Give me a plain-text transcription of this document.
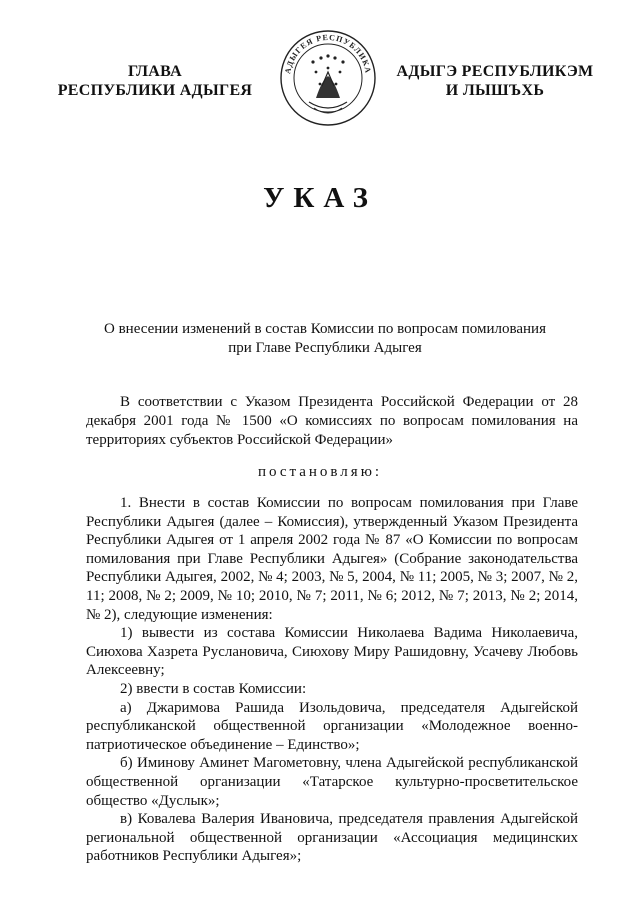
ГЛАВА
РЕСПУБЛИКИ АДЫГЕЯ
АДЫГЕЯ РЕСПУБЛИКА	АДЫГЭ РЕСПУБЛИКЭМ
И ЛЫШЪХЬ
УКАЗ
О внесении изменений в состав Комиссии по вопросам помилования
при Главе Республики Адыгея

В соответствии с Указом Президента Российской Федерации от 28 декабря 2001 года № 1500 «О комиссиях по вопросам помилования на территориях субъектов Российской Федерации»

постановляю:

1. Внести в состав Комиссии по вопросам помилования при Главе Республики Адыгея (далее – Комиссия), утвержденный Указом Президента Республики Адыгея от 1 апреля 2002 года № 87 «О Комиссии по вопросам помилования при Главе Республики Адыгея» (Собрание законодательства Республики Адыгея, 2002, № 4; 2003, № 5, 2004, № 11; 2005, № 3; 2007, № 2, 11; 2008, № 2; 2009, № 10; 2010, № 7; 2011, № 6; 2012, № 7; 2013, № 2; 2014, № 2), следующие изменения:

1) вывести из состава Комиссии Николаева Вадима Николаевича, Сиюхова Хазрета Руслановича, Сиюхову Миру Рашидовну, Усачеву Любовь Алексеевну;

2) ввести в состав Комиссии:

а) Джаримова Рашида Изольдовича, председателя Адыгейской республиканской общественной организации «Молодежное военно-патриотическое объединение – Единство»;

б) Иминову Аминет Магометовну, члена Адыгейской республиканской общественной организации «Татарское культурно-просветительское общество «Дуслык»;

в) Ковалева Валерия Ивановича, председателя правления Адыгейской региональной общественной организации «Ассоциация медицинских работников Республики Адыгея»;
